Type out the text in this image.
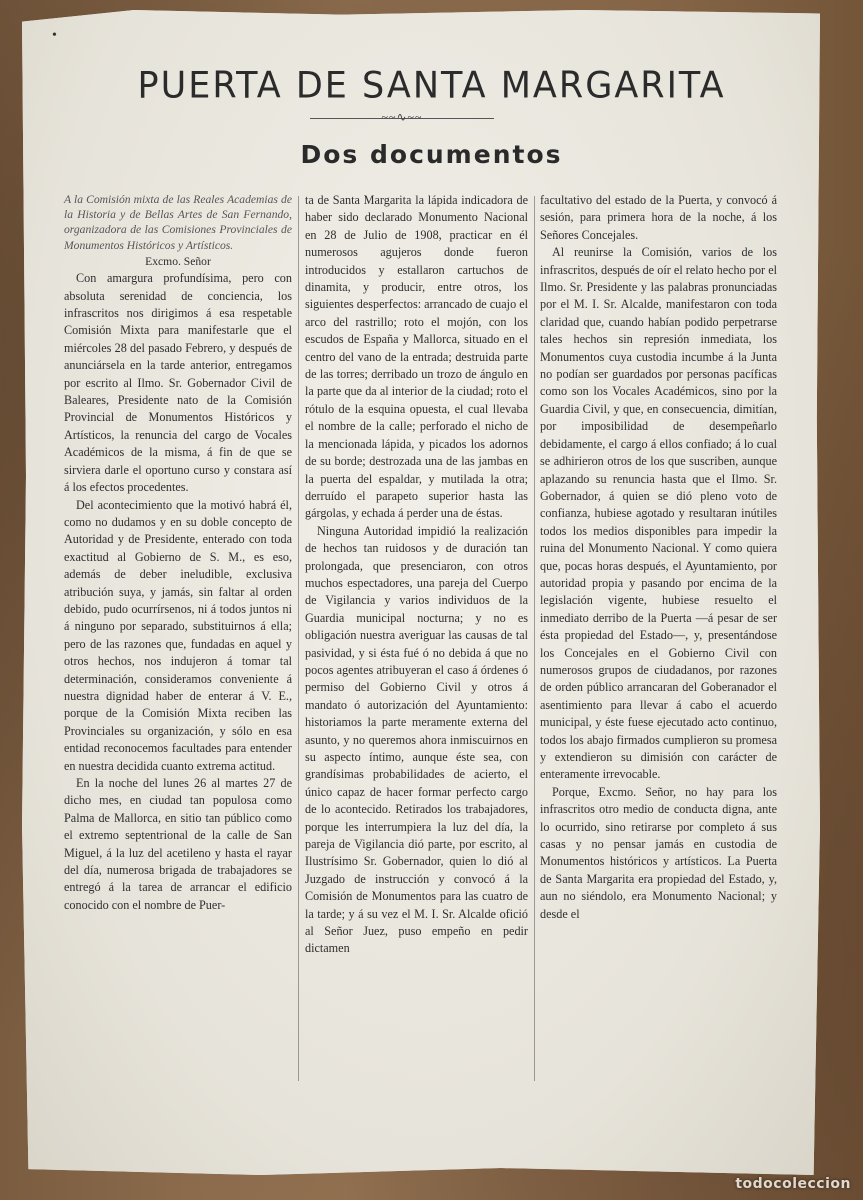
•
PUERTA DE SANTA MARGARITA
~~∿~~
Dos documentos

A la Comisión mixta de las Reales Academias de la Historia y de Bellas Artes de San Fernando, organizadora de las Comisiones Provinciales de Monumentos Históricos y Artísticos.

Excmo. Señor

Con amargura profundísima, pero con absoluta serenidad de conciencia, los infrascritos nos dirigimos á esa respetable Comisión Mixta para manifestarle que el miércoles 28 del pasado Febrero, y después de anunciársela en la tarde anterior, entregamos por escrito al Ilmo. Sr. Gobernador Civil de Baleares, Presidente nato de la Comisión Provincial de Monumentos Históricos y Artísticos, la renuncia del cargo de Vocales Académicos de la misma, á fin de que se sirviera darle el oportuno curso y constara así á los efectos procedentes.

Del acontecimiento que la motivó habrá él, como no dudamos y en su doble concepto de Autoridad y de Presidente, enterado con toda exactitud al Gobierno de S. M., es eso, además de deber ineludible, exclusiva atribución suya, y jamás, sin faltar al orden debido, pudo ocurrírsenos, ni á todos juntos ni á ninguno por separado, substituirnos á ella; pero de las razones que, fundadas en aquel y otros hechos, nos indujeron á tomar tal determinación, consideramos conveniente á nuestra dignidad haber de enterar á V. E., porque de la Comisión Mixta reciben las Provinciales su organización, y sólo en esa entidad reconocemos facultades para entender en nuestra decidida cuanto extrema actitud.

En la noche del lunes 26 al martes 27 de dicho mes, en ciudad tan populosa como Palma de Mallorca, en sitio tan público como el extremo septentrional de la calle de San Miguel, á la luz del acetileno y hasta el rayar del día, numerosa brigada de trabajadores se entregó á la tarea de arrancar el edificio conocido con el nombre de Puer-

ta de Santa Margarita la lápida indicadora de haber sido declarado Monumento Nacional en 28 de Julio de 1908, practicar en él numerosos agujeros donde fueron introducidos y estallaron cartuchos de dinamita, y producir, entre otros, los siguientes desperfectos: arrancado de cuajo el arco del rastrillo; roto el mojón, con los escudos de España y Mallorca, situado en el centro del vano de la entrada; destruida parte de las torres; derribado un trozo de ángulo en la parte que da al interior de la ciudad; roto el rótulo de la esquina opuesta, el cual llevaba el nombre de la calle; perforado el nicho de la mencionada lápida, y picados los adornos de su borde; destrozada una de las jambas en la puerta del espaldar, y mutilada la otra; derruído el parapeto superior hasta las gárgolas, y echada á perder una de éstas.

Ninguna Autoridad impidió la realización de hechos tan ruidosos y de duración tan prolongada, que presenciaron, con otros muchos espectadores, una pareja del Cuerpo de Vigilancia y varios individuos de la Guardia municipal nocturna; y no es obligación nuestra averiguar las causas de tal pasividad, y si ésta fué ó no debida á que no pocos agentes atribuyeran el caso á órdenes ó permiso del Gobierno Civil y otros á mandato ó autorización del Ayuntamiento: historiamos la parte meramente externa del asunto, y no queremos ahora inmiscuirnos en su aspecto íntimo, aunque éste sea, con grandísimas probabilidades de acierto, el único capaz de hacer formar perfecto cargo de lo acontecido. Retirados los trabajadores, porque les interrumpiera la luz del día, la pareja de Vigilancia dió parte, por escrito, al Ilustrísimo Sr. Gobernador, quien lo dió al Juzgado de instrucción y convocó á la Comisión de Monumentos para las cuatro de la tarde; y á su vez el M. I. Sr. Alcalde ofició al Señor Juez, puso empeño en pedir dictamen

facultativo del estado de la Puerta, y convocó á sesión, para primera hora de la noche, á los Señores Concejales.

Al reunirse la Comisión, varios de los infrascritos, después de oír el relato hecho por el Ilmo. Sr. Presidente y las palabras pronunciadas por el M. I. Sr. Alcalde, manifestaron con toda claridad que, cuando habían podido perpetrarse tales hechos sin represión inmediata, los Monumentos cuya custodia incumbe á la Junta no podían ser guardados por personas pacíficas como son los Vocales Académicos, sino por la Guardia Civil, y que, en consecuencia, dimitían, por imposibilidad de desempeñarlo debidamente, el cargo á ellos confiado; á lo cual se adhirieron otros de los que suscriben, aunque aplazando su renuncia hasta que el Ilmo. Sr. Gobernador, á quien se dió pleno voto de confianza, hubiese agotado y resultaran inútiles todos los medios disponibles para impedir la ruina del Monumento Nacional. Y como quiera que, pocas horas después, el Ayuntamiento, por autoridad propia y pasando por encima de la legislación vigente, hubiese resuelto el inmediato derribo de la Puerta —á pesar de ser ésta propiedad del Estado—, y, presentándose los Concejales en el Gobierno Civil con numerosos grupos de ciudadanos, por razones de orden público arrancaran del Goberanador el asentimiento para llevar á cabo el acuerdo municipal, y éste fuese ejecutado acto continuo, todos los abajo firmados cumplieron su promesa y extendieron su dimisión con carácter de enteramente irrevocable.

Porque, Excmo. Señor, no hay para los infrascritos otro medio de conducta digna, ante lo ocurrido, sino retirarse por completo á sus casas y no pensar jamás en custodia de Monumentos históricos y artísticos. La Puerta de Santa Margarita era propiedad del Estado, y, aun no siéndolo, era Monumento Nacional; y desde el

todocoleccion
